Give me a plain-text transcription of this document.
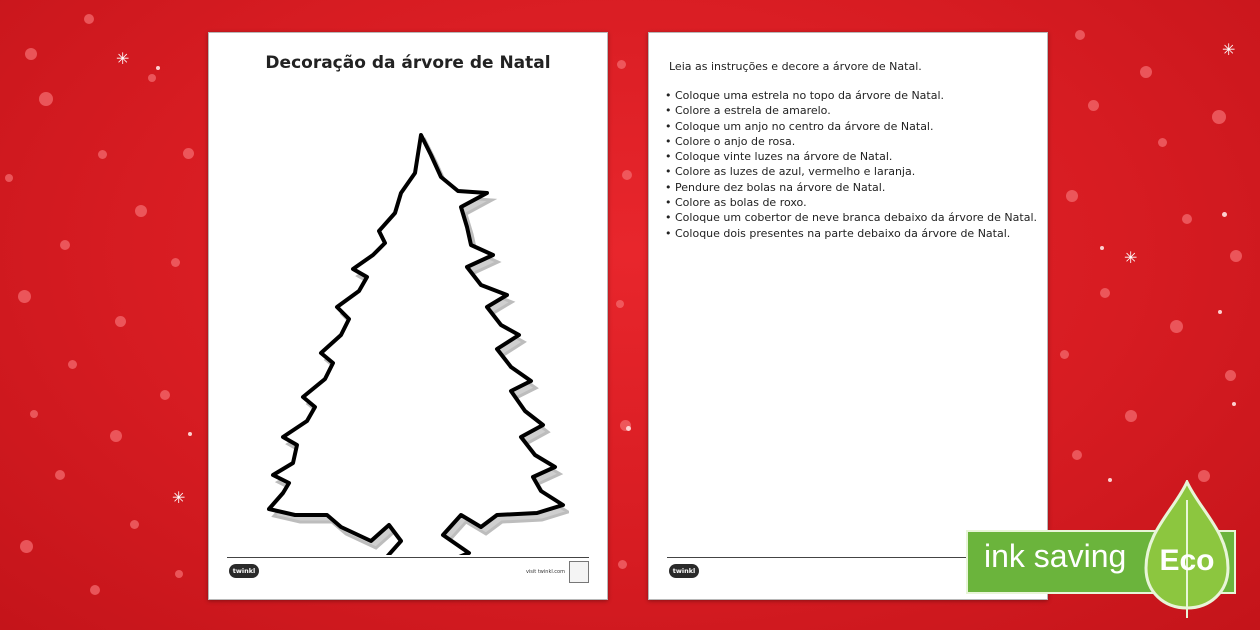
✳
✳
✳
✳
Decoração da árvore de Natal
twinkl	visit twinkl.com
Leia as instruções e decore a árvore de Natal.
• Coloque uma estrela no topo da árvore de Natal.
• Colore a estrela de amarelo.
• Coloque um anjo no centro da árvore de Natal.
• Colore o anjo de rosa.
• Coloque vinte luzes na árvore de Natal.
• Colore as luzes de azul, vermelho e laranja.
• Pendure dez bolas na árvore de Natal.
• Colore as bolas de roxo.
• Coloque um cobertor de neve branca debaixo da árvore de Natal.
• Coloque dois presentes na parte debaixo da árvore de Natal.
twinkl	ink saving Eco
